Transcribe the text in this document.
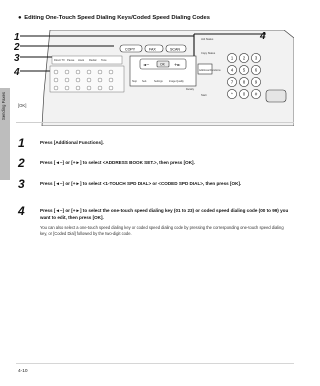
Sending Faxes
● Editing One-Touch Speed Dialing Keys/Coded Speed Dialing Codes
1
2
3
4
4
COPY	FAX	SCAN
Direct TX Pause Hook Redial Tone
◄−	OK +►
Stop Sett.	Settings	Image Quality
Density
Additional Functions
Job Status
Copy Status
Start
1 2 3
4 5 6
7 8 9
* 0 #
[OK]
1	Press [Additional Functions].
2	Press [◄−] or [+►] to select <ADDRESS BOOK SET.>, then press [OK].
3	Press [◄−] or [+►] to select <1-TOUCH SPD DIAL> or <CODED SPD DIAL>, then press [OK].
4	Press [◄−] or [+►] to select the one-touch speed dialing key (01 to 23) or coded speed dialing code (00 to 99) you want to edit, then press [OK].
You can also select a one-touch speed dialing key or coded speed dialing code by pressing the corresponding one-touch speed dialing key, or [Coded Dial] followed by the two-digit code.
4-10
